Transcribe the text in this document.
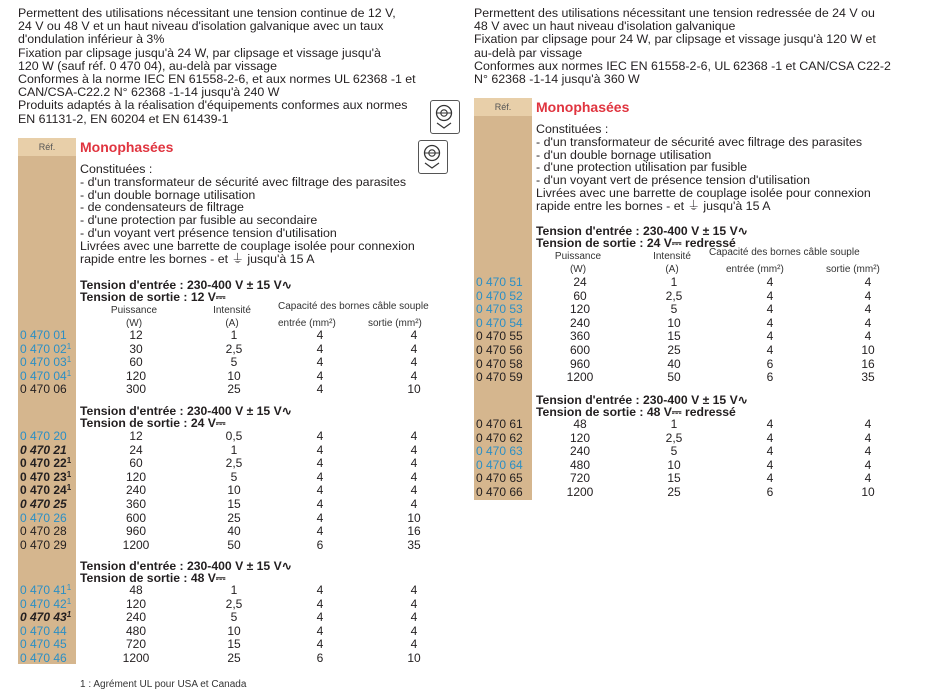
Permettent des utilisations nécessitant une tension continue de 12 V,
24 V ou 48 V et un haut niveau d'isolation galvanique avec un taux
d'ondulation inférieur à 3%
Fixation par clipsage jusqu'à 24 W, par clipsage et vissage jusqu'à
120 W (sauf réf. 0 470 04), au-delà par vissage
Conformes à la norme IEC EN 61558-2-6, et aux normes UL 62368 -1 et
CAN/CSA-C22.2 N° 62368 -1-14 jusqu'à 240 W
Produits adaptés à la réalisation d'équipements conformes aux normes
EN 61131-2, EN 60204 et EN 61439-1
Réf.	Monophasées
Constituées :
- d'un transformateur de sécurité avec filtrage des parasites
- d'un double bornage utilisation
- de condensateurs de filtrage
- d'une protection par fusible au secondaire
- d'un voyant vert présence tension d'utilisation
Livrées avec une barrette de couplage isolée pour connexion
rapide entre les bornes - et ⏚ jusqu'à 15 A
Puissance
(W)
Intensité
(A)
Capacité des bornes câble souple
entrée (mm²)	sortie (mm²)
Tension d'entrée : 230-400 V ± 15 V∿
Tension de sortie : 12 V⎓
0 470 01	12	1	4	4
0 470 $02^1$	30	2,5	4	4
0 470 $03^1$	60	5	4	4
0 470 $04^1$	120	10	4	4
0 470 06	300	25	4	10
Tension d'entrée : 230-400 V ± 15 V∿
Tension de sortie : 24 V⎓
0 470 20	12	0,5	4	4
0 470 21	24	1	4	4
0 470 $22^1$	60	2,5	4	4
0 470 $23^1$	120	5	4	4
0 470 $24^1$	240	10	4	4
0 470 25	360	15	4	4
0 470 26	600	25	4	10
0 470 28	960	40	4	16
0 470 29	1200	50	6	35
Tension d'entrée : 230-400 V ± 15 V∿
Tension de sortie : 48 V⎓
0 470 $41^1$	48	1	4	4
0 470 $42^1$	120	2,5	4	4
0 470 $43^1$	240	5	4	4
0 470 44	480	10	4	4
0 470 45	720	15	4	4
0 470 46	1200	25	6	10
Permettent des utilisations nécessitant une tension redressée de 24 V ou
48 V avec un haut niveau d'isolation galvanique
Fixation par clipsage pour 24 W, par clipsage et vissage jusqu'à 120 W et
au-delà par vissage
Conformes aux normes IEC EN 61558-2-6, UL 62368 -1 et CAN/CSA C22-2
N° 62368 -1-14 jusqu'à 360 W
Réf.	Monophasées
Constituées :
- d'un transformateur de sécurité avec filtrage des parasites
- d'un double bornage utilisation
- d'une protection utilisation par fusible
- d'un voyant vert de présence tension d'utilisation
Livrées avec une barrette de couplage isolée pour connexion
rapide entre les bornes - et ⏚ jusqu'à 15 A
Puissance
(W)
Intensité
(A)
Capacité des bornes câble souple
entrée (mm²)	sortie (mm²)
Tension d'entrée : 230-400 V ± 15 V∿
Tension de sortie : 24 V⎓ redressé
0 470 51	24	1	4	4
0 470 52	60	2,5	4	4
0 470 53	120	5	4	4
0 470 54	240	10	4	4
0 470 55	360	15	4	4
0 470 56	600	25	4	10
0 470 58	960	40	6	16
0 470 59	1200	50	6	35
Tension d'entrée : 230-400 V ± 15 V∿
Tension de sortie : 48 V⎓ redressé
0 470 61	48	1	4	4
0 470 62	120	2,5	4	4
0 470 63	240	5	4	4
0 470 64	480	10	4	4
0 470 65	720	15	4	4
0 470 66	1200	25	6	10
1 : Agrément UL pour USA et Canada
